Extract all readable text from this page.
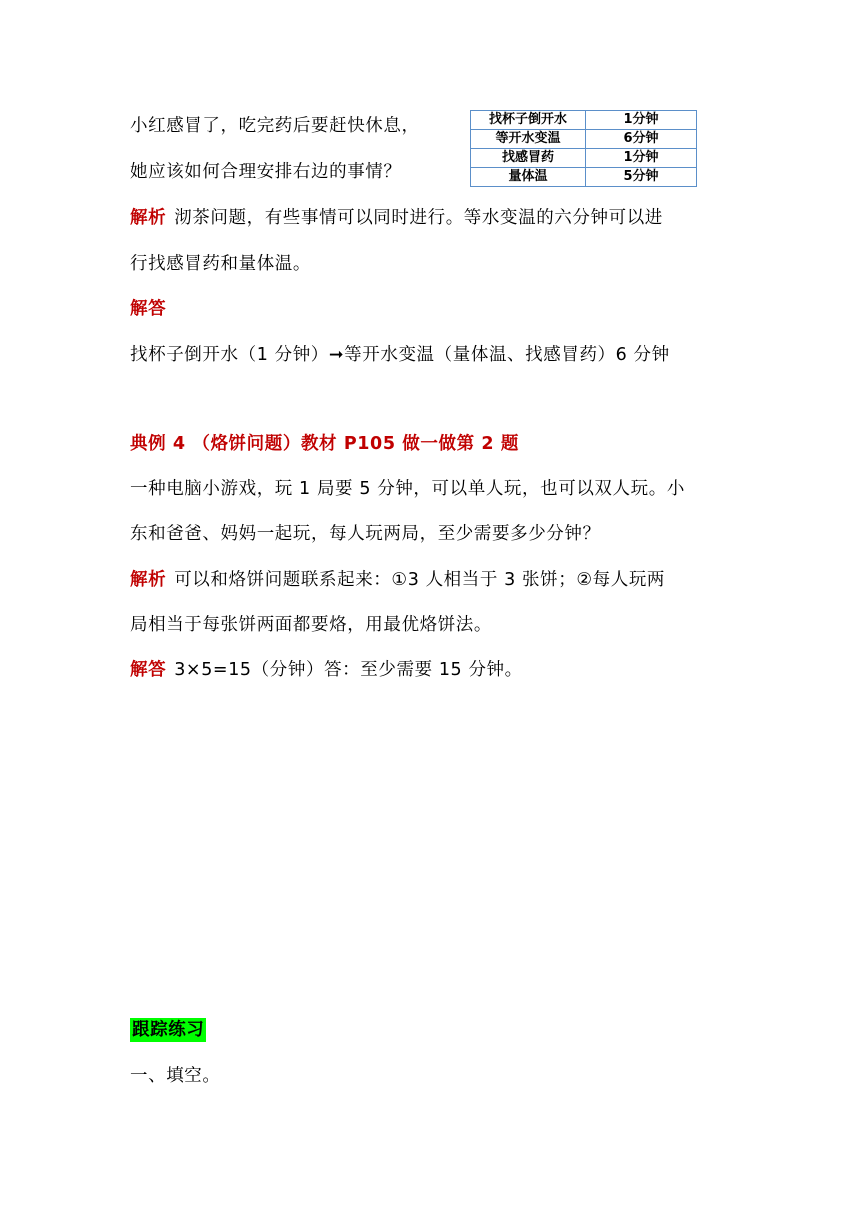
小红感冒了，吃完药后要赶快休息，
她应该如何合理安排右边的事情？
找杯子倒开水	1分钟
等开水变温	6分钟
找感冒药	1分钟
量体温	5分钟
解析 沏茶问题，有些事情可以同时进行。等水变温的六分钟可以进
行找感冒药和量体温。
解答
找杯子倒开水（1 分钟）➞等开水变温（量体温、找感冒药）6 分钟
典例 4 （烙饼问题）教材 P105 做一做第 2 题
一种电脑小游戏，玩 1 局要 5 分钟，可以单人玩，也可以双人玩。小
东和爸爸、妈妈一起玩，每人玩两局，至少需要多少分钟？
解析 可以和烙饼问题联系起来：①3 人相当于 3 张饼；②每人玩两
局相当于每张饼两面都要烙，用最优烙饼法。
解答 3×5=15（分钟）答：至少需要 15 分钟。
跟踪练习
一、填空。
